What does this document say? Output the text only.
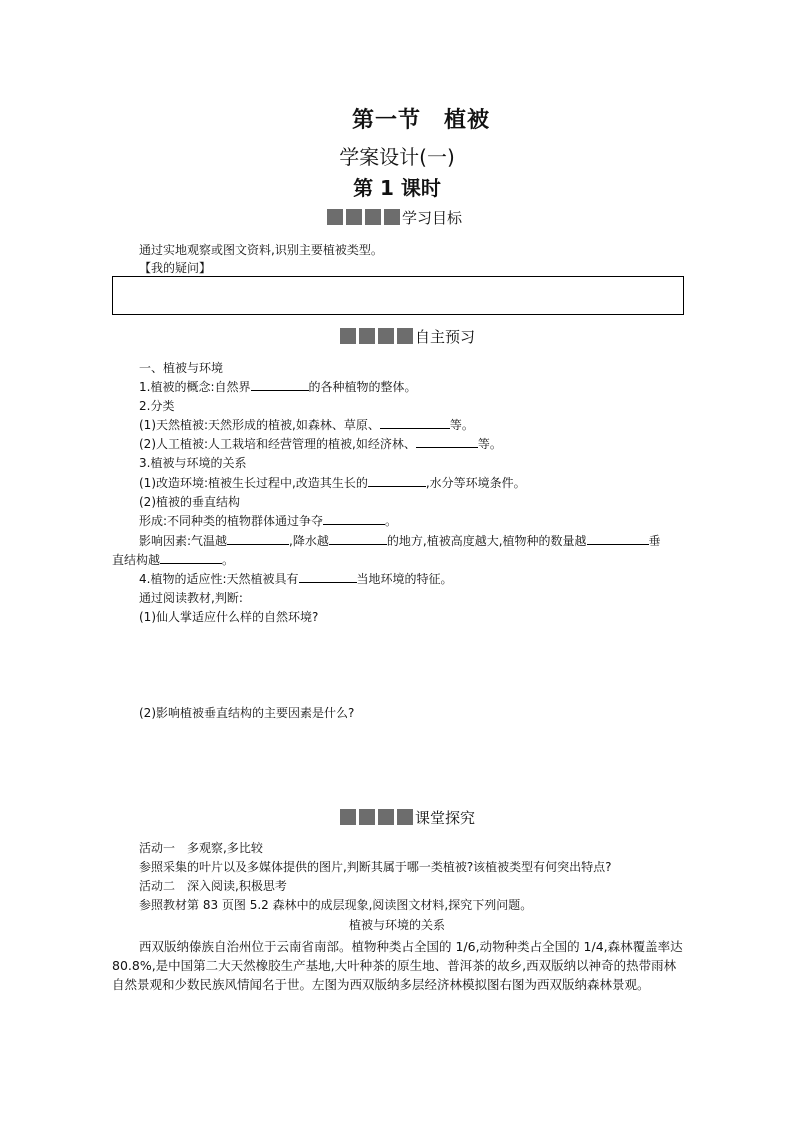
第一节　植被
学案设计(一)
第 1 课时
学习目标
通过实地观察或图文资料,识别主要植被类型。
【我的疑问】
自主预习
一、植被与环境
1.植被的概念:自然界	的各种植物的整体。
2.分类
(1)天然植被:天然形成的植被,如森林、草原、	等。
(2)人工植被:人工栽培和经营管理的植被,如经济林、	等。
3.植被与环境的关系
(1)改造环境:植被生长过程中,改造其生长的	,水分等环境条件。
(2)植被的垂直结构
形成:不同种类的植物群体通过争夺	。
影响因素:气温越	,降水越	的地方,植被高度越大,植物种的数量越	垂
直结构越	。
4.植物的适应性:天然植被具有	当地环境的特征。
通过阅读教材,判断:
(1)仙人掌适应什么样的自然环境?
(2)影响植被垂直结构的主要因素是什么?
课堂探究
活动一　多观察,多比较
参照采集的叶片以及多媒体提供的图片,判断其属于哪一类植被?该植被类型有何突出特点?
活动二　深入阅读,积极思考
参照教材第 83 页图 5.2 森林中的成层现象,阅读图文材料,探究下列问题。
植被与环境的关系
西双版纳傣族自治州位于云南省南部。植物种类占全国的 1/6,动物种类占全国的 1/4,森林覆盖率达
80.8%,是中国第二大天然橡胶生产基地,大叶种茶的原生地、普洱茶的故乡,西双版纳以神奇的热带雨林
自然景观和少数民族风情闻名于世。左图为西双版纳多层经济林模拟图右图为西双版纳森林景观。
